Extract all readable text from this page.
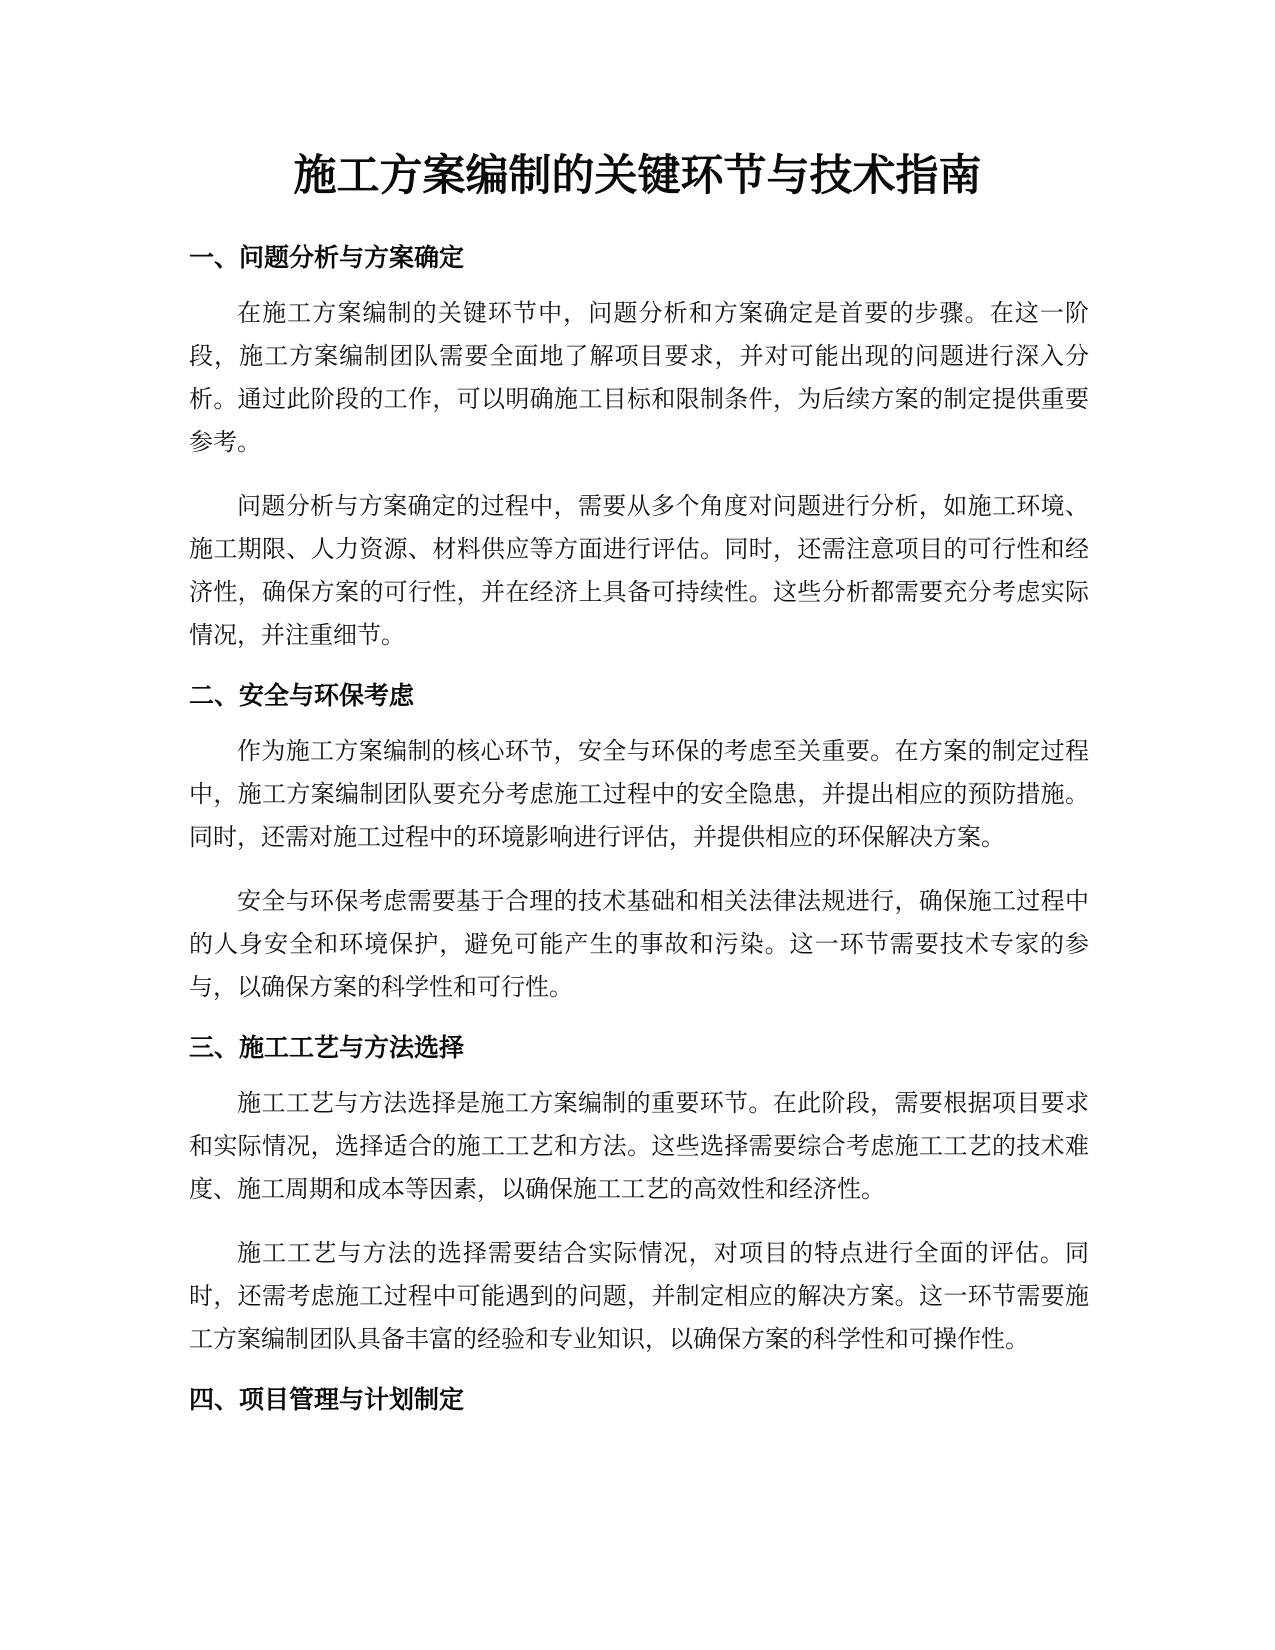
施工方案编制的关键环节与技术指南
一、问题分析与方案确定

在施工方案编制的关键环节中，问题分析和方案确定是首要的步骤。在这一阶段，施工方案编制团队需要全面地了解项目要求，并对可能出现的问题进行深入分析。通过此阶段的工作，可以明确施工目标和限制条件，为后续方案的制定提供重要参考。

问题分析与方案确定的过程中，需要从多个角度对问题进行分析，如施工环境、施工期限、人力资源、材料供应等方面进行评估。同时，还需注意项目的可行性和经济性，确保方案的可行性，并在经济上具备可持续性。这些分析都需要充分考虑实际情况，并注重细节。

二、安全与环保考虑

作为施工方案编制的核心环节，安全与环保的考虑至关重要。在方案的制定过程中，施工方案编制团队要充分考虑施工过程中的安全隐患，并提出相应的预防措施。同时，还需对施工过程中的环境影响进行评估，并提供相应的环保解决方案。

安全与环保考虑需要基于合理的技术基础和相关法律法规进行，确保施工过程中的人身安全和环境保护，避免可能产生的事故和污染。这一环节需要技术专家的参与，以确保方案的科学性和可行性。

三、施工工艺与方法选择

施工工艺与方法选择是施工方案编制的重要环节。在此阶段，需要根据项目要求和实际情况，选择适合的施工工艺和方法。这些选择需要综合考虑施工工艺的技术难度、施工周期和成本等因素，以确保施工工艺的高效性和经济性。

施工工艺与方法的选择需要结合实际情况，对项目的特点进行全面的评估。同时，还需考虑施工过程中可能遇到的问题，并制定相应的解决方案。这一环节需要施工方案编制团队具备丰富的经验和专业知识，以确保方案的科学性和可操作性。

四、项目管理与计划制定
